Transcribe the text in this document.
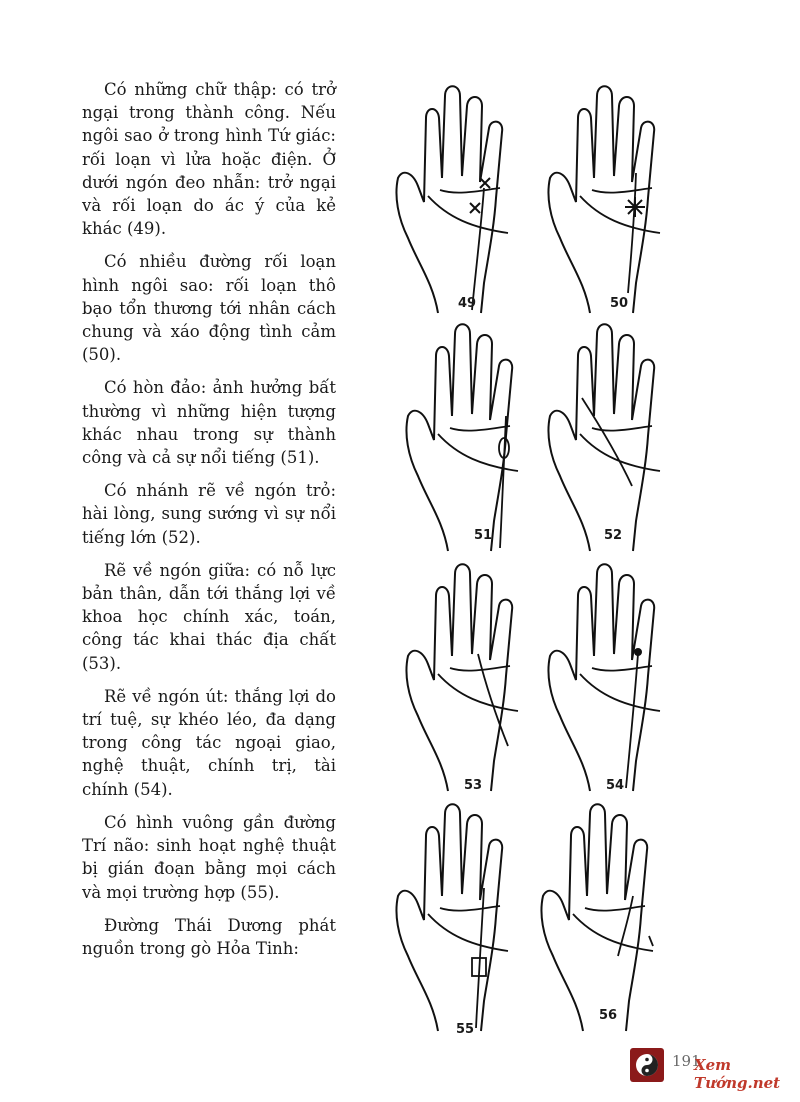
Có những chữ thập: có trở ngại trong thành công. Nếu ngôi sao ở trong hình Tứ giác: rối loạn vì lửa hoặc điện. Ở dưới ngón đeo nhẫn: trở ngại và rối loạn do ác ý của kẻ khác (49).

Có nhiều đường rối loạn hình ngôi sao: rối loạn thô bạo tổn thương tới nhân cách chung và xáo động tình cảm (50).

Có hòn đảo: ảnh hưởng bất thường vì những hiện tượng khác nhau trong sự thành công và cả sự nổi tiếng (51).

Có nhánh rẽ về ngón trỏ: hài lòng, sung sướng vì sự nổi tiếng lớn (52).

Rẽ về ngón giữa: có nỗ lực bản thân, dẫn tới thắng lợi về khoa học chính xác, toán, công tác khai thác địa chất (53).

Rẽ về ngón út: thắng lợi do trí tuệ, sự khéo léo, đa dạng trong công tác ngoại giao, nghệ thuật, chính trị, tài chính (54).

Có hình vuông gần đường Trí não: sinh hoạt nghệ thuật bị gián đoạn bằng mọi cách và mọi trường hợp (55).

Đường Thái Dương phát nguồn trong gò Hỏa Tinh:

49	50
51	52
53	54
55
56
191
Xem Tướng.net
